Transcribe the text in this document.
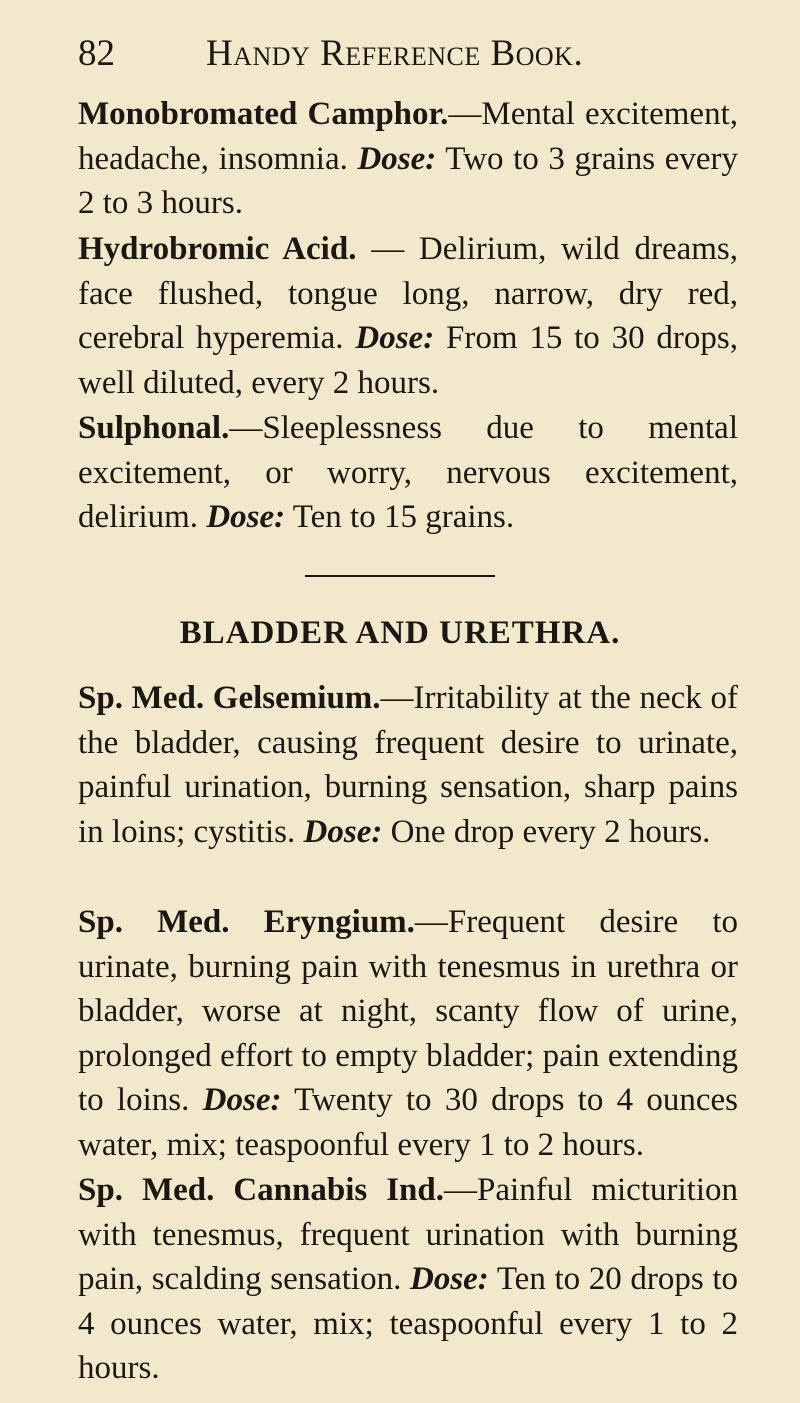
82 Handy Reference Book.

Monobromated Camphor.—Mental excitement, headache, insomnia. Dose: Two to 3 grains every 2 to 3 hours.

Hydrobromic Acid. — Delirium, wild dreams, face flushed, tongue long, narrow, dry red, cerebral hyperemia. Dose: From 15 to 30 drops, well diluted, every 2 hours.

Sulphonal.—Sleeplessness due to mental excitement, or worry, nervous excitement, delirium. Dose: Ten to 15 grains.

BLADDER AND URETHRA.

Sp. Med. Gelsemium.—Irritability at the neck of the bladder, causing frequent desire to urinate, painful urination, burning sensation, sharp pains in loins; cystitis. Dose: One drop every 2 hours.

Sp. Med. Eryngium.—Frequent desire to urinate, burning pain with tenesmus in urethra or bladder, worse at night, scanty flow of urine, prolonged effort to empty bladder; pain extending to loins. Dose: Twenty to 30 drops to 4 ounces water, mix; teaspoonful every 1 to 2 hours.

Sp. Med. Cannabis Ind.—Painful micturition with tenesmus, frequent urination with burning pain, scalding sensation. Dose: Ten to 20 drops to 4 ounces water, mix; teaspoonful every 1 to 2 hours.
